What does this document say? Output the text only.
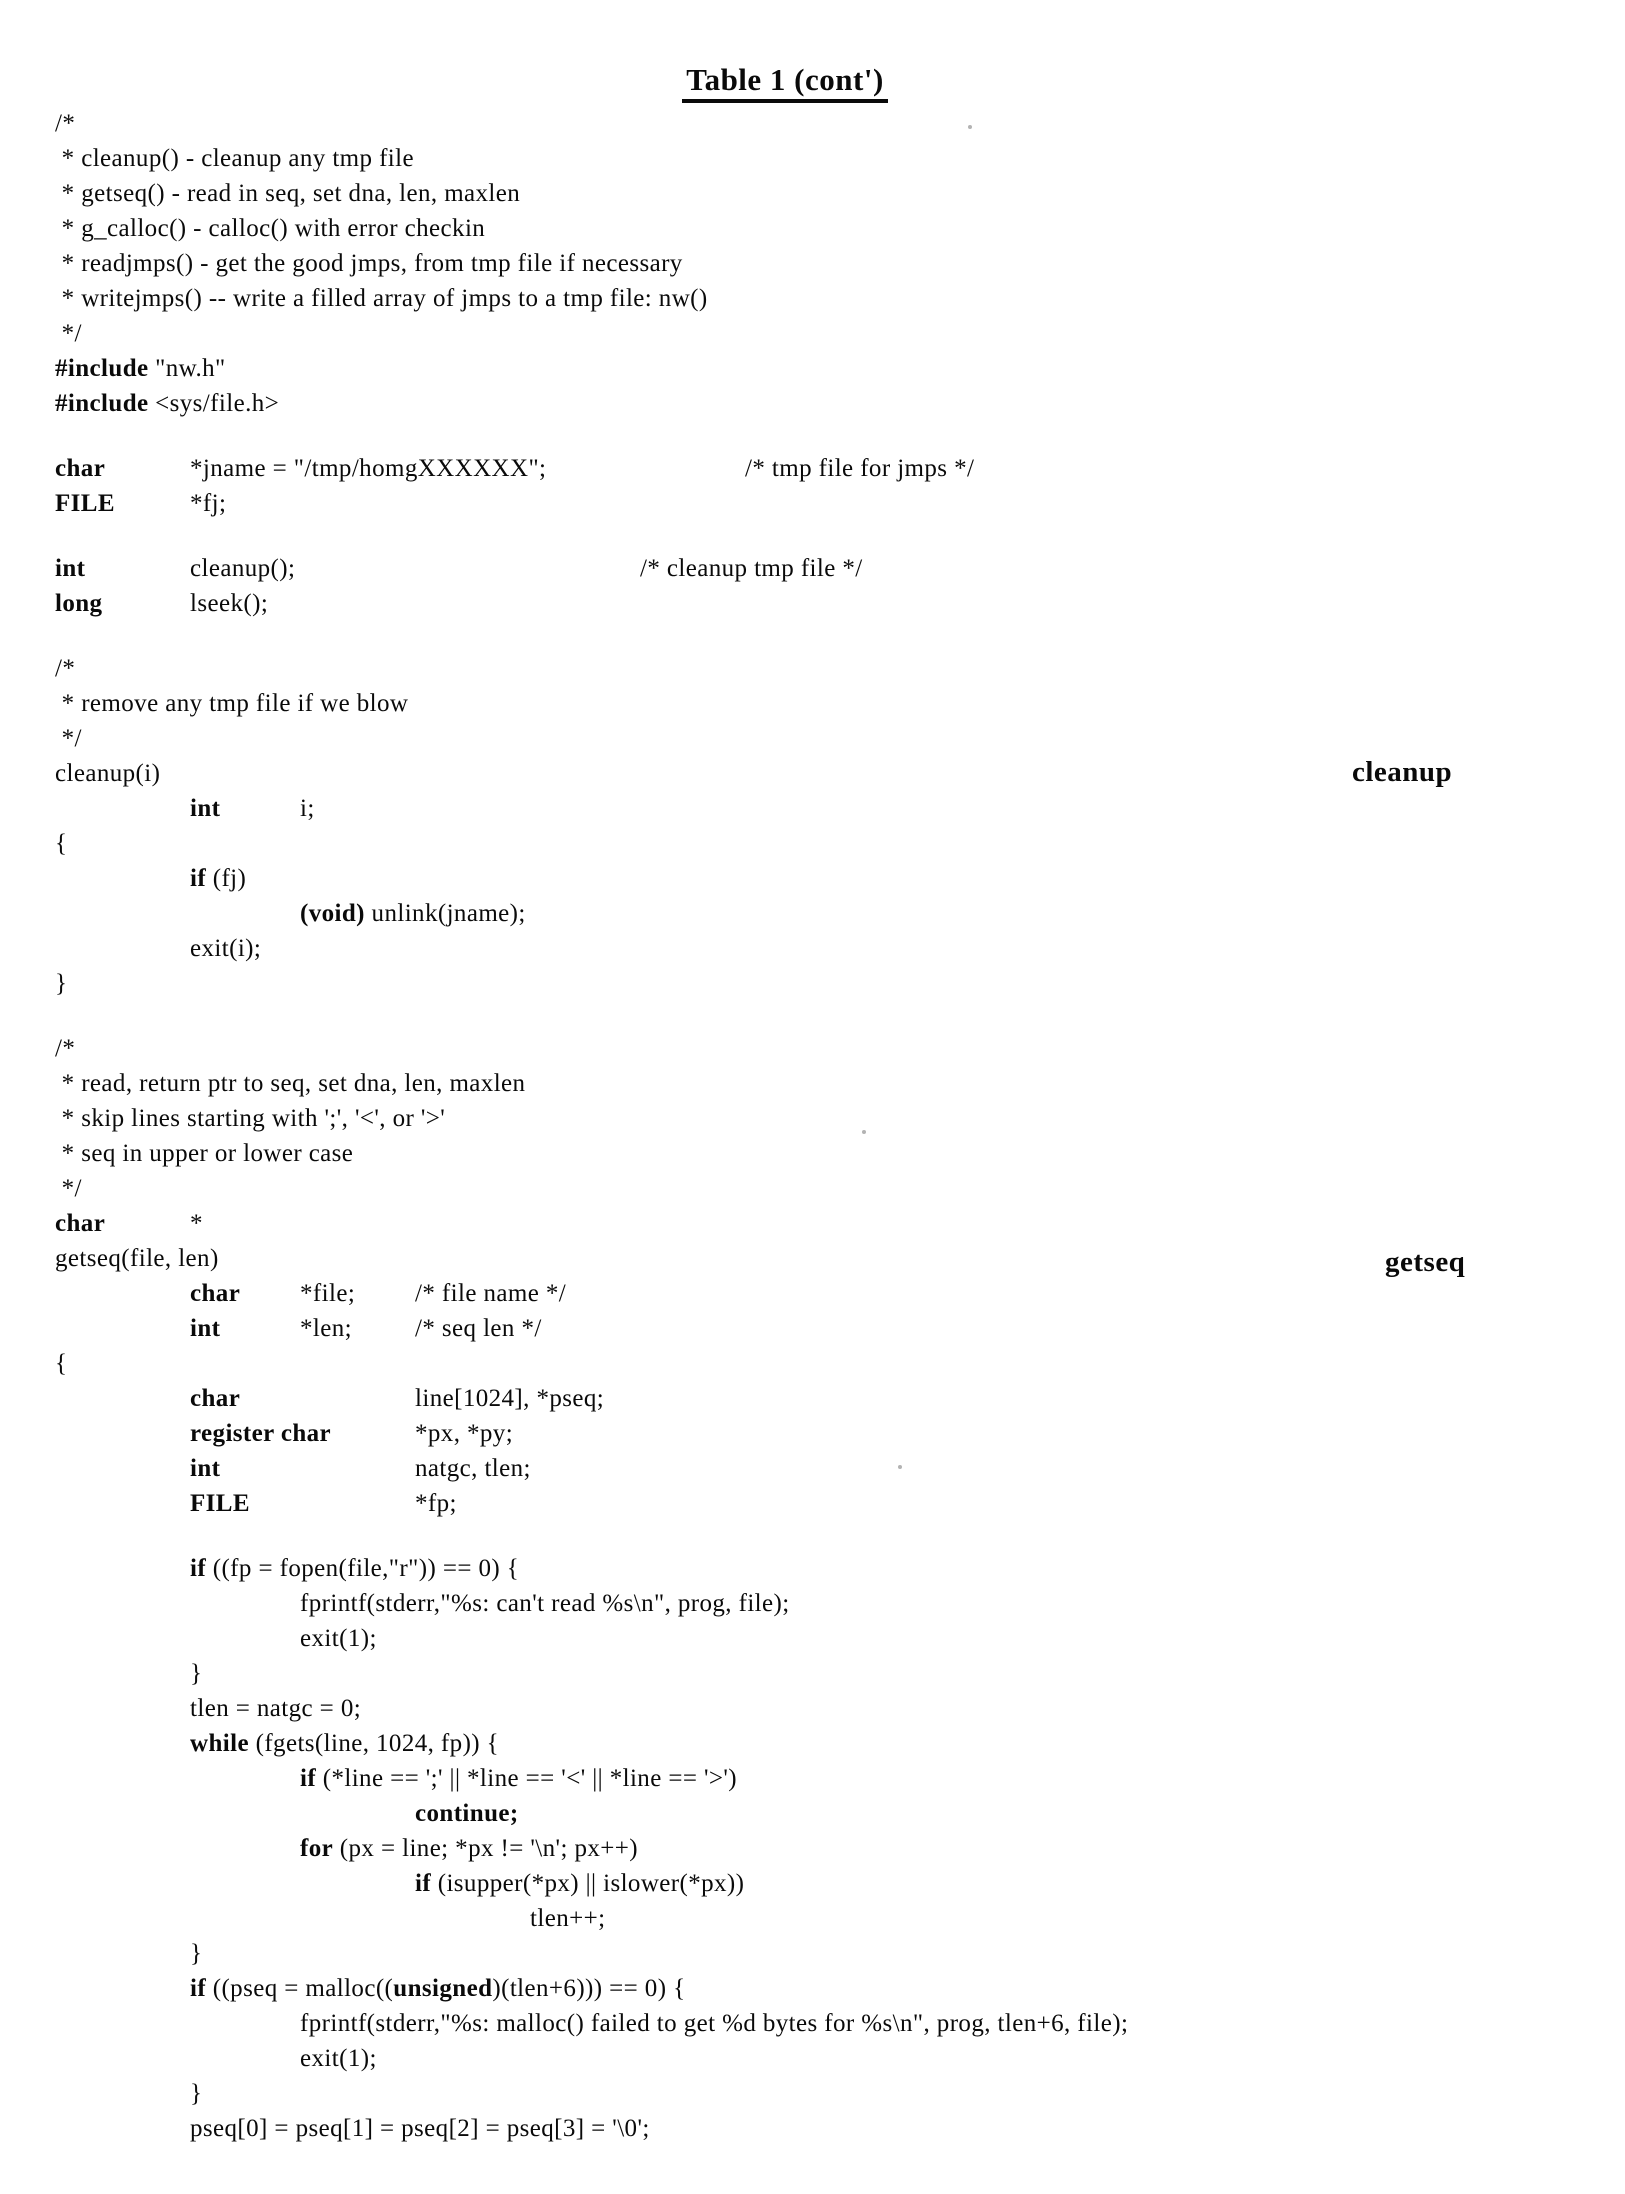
Table 1 (cont')
/*
* cleanup() - cleanup any tmp file
* getseq() - read in seq, set dna, len, maxlen
* g_calloc() - calloc() with error checkin
* readjmps() - get the good jmps, from tmp file if necessary
* writejmps() -- write a filled array of jmps to a tmp file: nw()
*/
#include "nw.h"
#include <sys/file.h>
char	*jname = "/tmp/homgXXXXXX";	/* tmp file for jmps */
FILE	*fj;
int	cleanup();	/* cleanup tmp file */
long	lseek();
/*
* remove any tmp file if we blow
*/
cleanup(i)
int	i;
{
if (fj)
(void) unlink(jname);
exit(i);
}
/*
* read, return ptr to seq, set dna, len, maxlen
* skip lines starting with ';', '<', or '>'
* seq in upper or lower case
*/
char	*
getseq(file, len)
char *file; /* file name */
int	*len;	/* seq len */
{
char	line[1024], *pseq;
register char	*px, *py;
int	natgc, tlen;
FILE	*fp;
if ((fp = fopen(file,"r")) == 0) {
fprintf(stderr,"%s: can't read %s\n", prog, file);
exit(1);
}
tlen = natgc = 0;
while (fgets(line, 1024, fp)) {
if (*line == ';' || *line == '<' || *line == '>')
continue;
for (px = line; *px != '\n'; px++)
if (isupper(*px) || islower(*px))
tlen++;
}
if ((pseq = malloc((unsigned)(tlen+6))) == 0) {
fprintf(stderr,"%s: malloc() failed to get %d bytes for %s\n", prog, tlen+6, file);
exit(1);
}
pseq[0] = pseq[1] = pseq[2] = pseq[3] = '\0';
cleanup
getseq
